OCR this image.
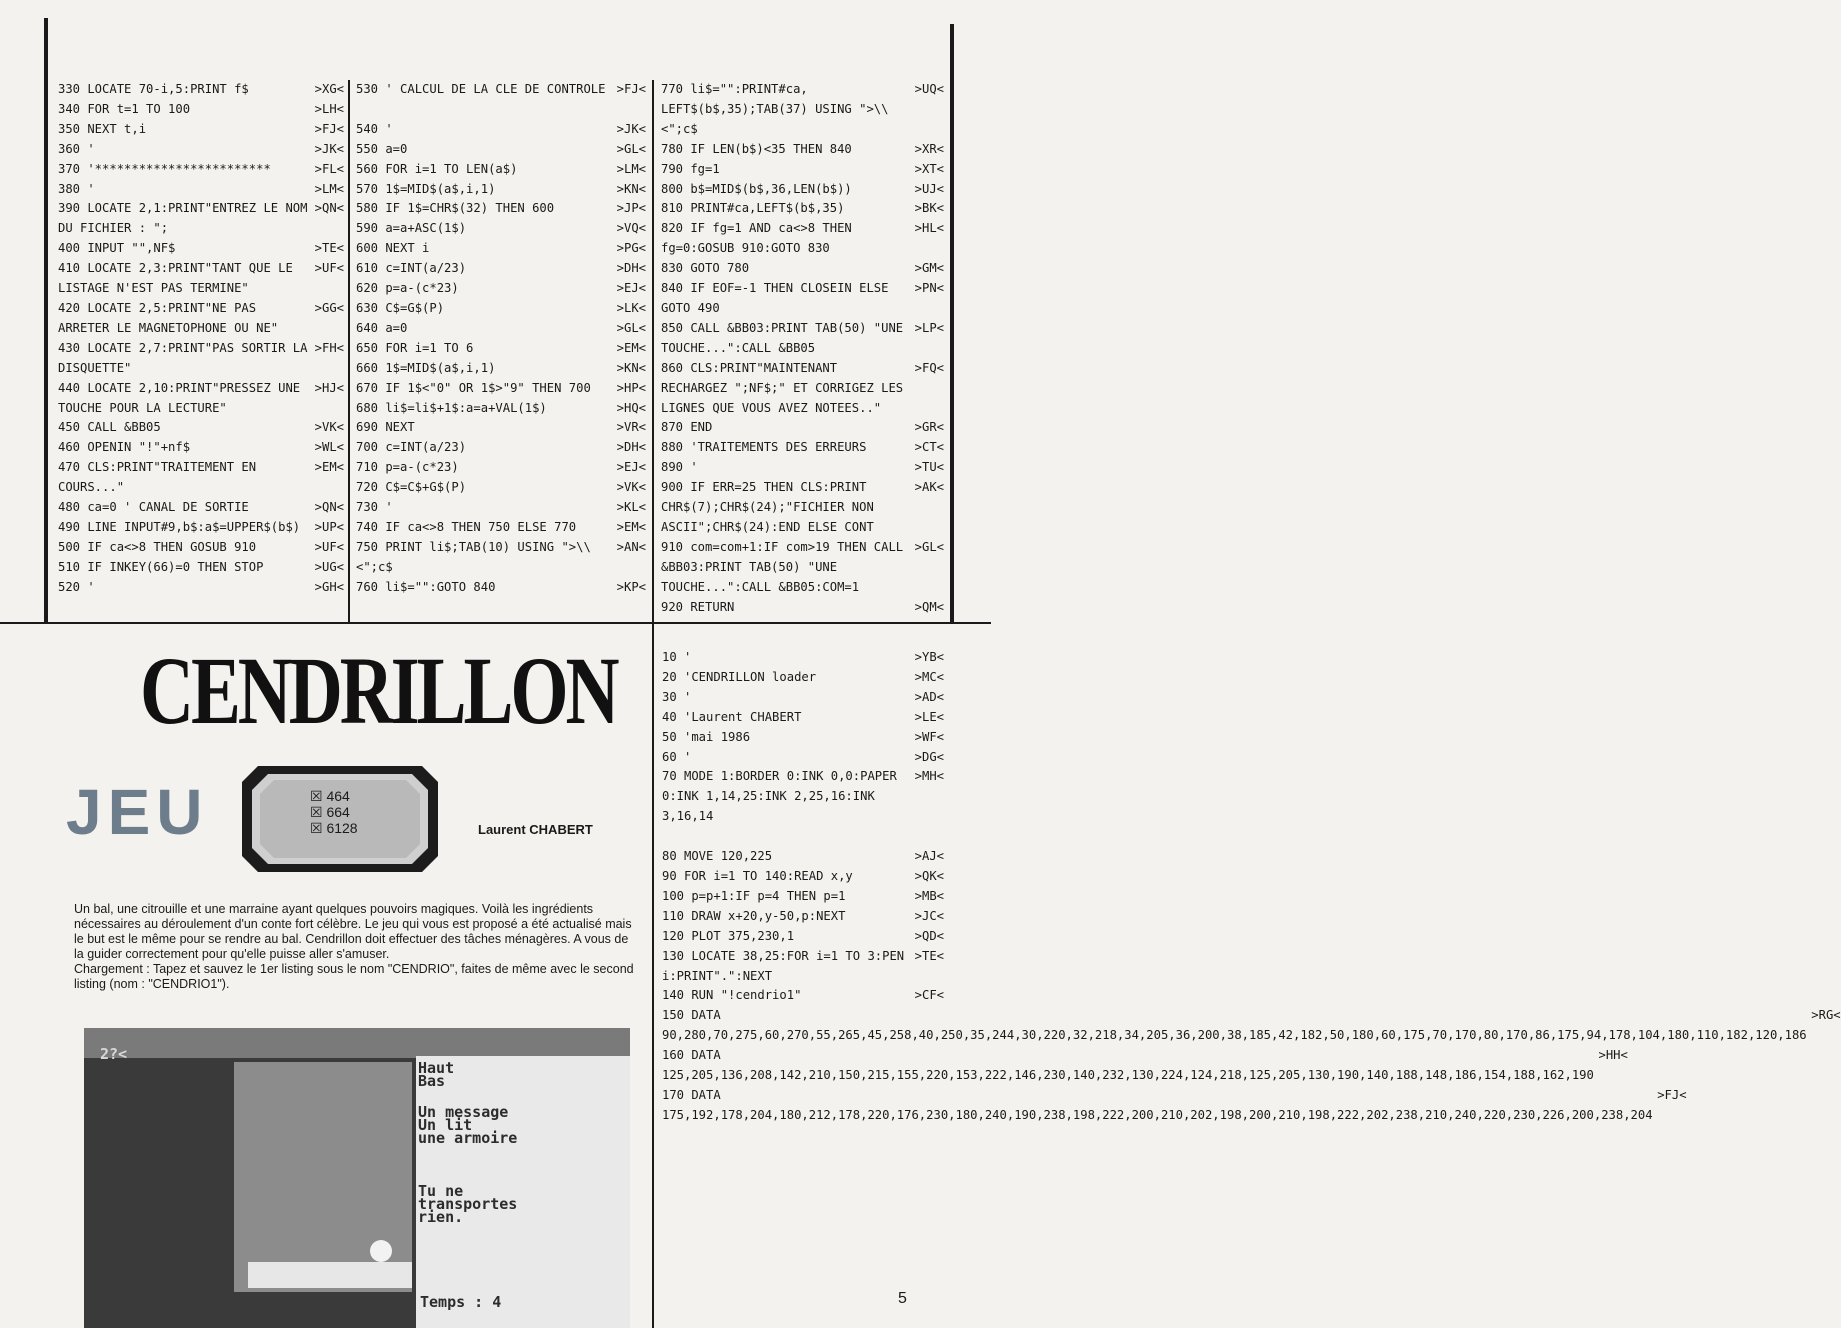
330 LOCATE 70-i,5:PRINT f$	>XG<
340 FOR t=1 TO 100	>LH<
350 NEXT t,i	>FJ<
360 '	>JK<
370 '************************	>FL<
380 '	>LM<
390 LOCATE 2,1:PRINT"ENTREZ LE NOM DU FICHIER : ";
>QN<
400 INPUT "",NF$	>TE<
410 LOCATE 2,3:PRINT"TANT QUE LE LISTAGE N'EST PAS TERMINE"
>UF<
420 LOCATE 2,5:PRINT"NE PAS ARRETER LE MAGNETOPHONE OU NE"
>GG<
430 LOCATE 2,7:PRINT"PAS SORTIR LA DISQUETTE"
>FH<
440 LOCATE 2,10:PRINT"PRESSEZ UNE TOUCHE POUR LA LECTURE"
>HJ<
450 CALL &BB05	>VK<
460 OPENIN "!"+nf$	>WL<
470 CLS:PRINT"TRAITEMENT EN COURS..."
>EM<
480 ca=0 ' CANAL DE SORTIE	>QN<
490 LINE INPUT#9,b$:a$=UPPER$(b$)	>UP<
500 IF ca<>8 THEN GOSUB 910	>UF<
510 IF INKEY(66)=0 THEN STOP	>UG<
520 '	>GH<
530 ' CALCUL DE LA CLE DE CONTROLE >FJ<

540 '	>JK<
550 a=0	>GL<
560 FOR i=1 TO LEN(a$)	>LM<
570 1$=MID$(a$,i,1)	>KN<
580 IF 1$=CHR$(32) THEN 600	>JP<
590 a=a+ASC(1$)	>VQ<
600 NEXT i	>PG<
610 c=INT(a/23)	>DH<
620 p=a-(c*23)	>EJ<
630 C$=G$(P)	>LK<
640 a=0	>GL<
650 FOR i=1 TO 6	>EM<
660 1$=MID$(a$,i,1)	>KN<
670 IF 1$<"0" OR 1$>"9" THEN 700	>HP<
680 li$=li$+1$:a=a+VAL(1$)	>HQ<
690 NEXT	>VR<
700 c=INT(a/23)	>DH<
710 p=a-(c*23)	>EJ<
720 C$=C$+G$(P)	>VK<
730 '	>KL<
740 IF ca<>8 THEN 750 ELSE 770	>EM<
750 PRINT li$;TAB(10) USING ">\\<";c$
>AN<
760 li$="":GOTO 840	>KP<
770 li$="":PRINT#ca, LEFT$(b$,35);TAB(37) USING ">\\<";c$
>UQ<
780 IF LEN(b$)<35 THEN 840	>XR<
790 fg=1	>XT<
800 b$=MID$(b$,36,LEN(b$))	>UJ<
810 PRINT#ca,LEFT$(b$,35)	>BK<
820 IF fg=1 AND ca<>8 THEN fg=0:GOSUB 910:GOTO 830
>HL<
830 GOTO 780	>GM<
840 IF EOF=-1 THEN CLOSEIN ELSE GOTO 490
>PN<
850 CALL &BB03:PRINT TAB(50) "UNE TOUCHE...":CALL &BB05
>LP<
860 CLS:PRINT"MAINTENANT RECHARGEZ ";NF$;" ET CORRIGEZ LES LIGNES QUE VOUS AVEZ NOTEES.."
>FQ<
870 END	>GR<
880 'TRAITEMENTS DES ERREURS	>CT<
890 '	>TU<
900 IF ERR=25 THEN CLS:PRINT CHR$(7);CHR$(24);"FICHIER NON ASCII";CHR$(24):END ELSE CONT
>AK<
910 com=com+1:IF com>19 THEN CALL &BB03:PRINT TAB(50) "UNE TOUCHE...":CALL &BB05:COM=1
>GL<
920 RETURN	>QM<
CENDRILLON
JEU	☒ 464
☒ 664
☒ 6128	Laurent CHABERT
Un bal, une citrouille et une marraine ayant quelques pouvoirs magiques. Voilà les ingrédients nécessaires au déroulement d'un conte fort célèbre. Le jeu qui vous est proposé a été actualisé mais le but est le même pour se rendre au bal. Cendrillon doit effectuer des tâches ménagères. A vous de la guider correctement pour qu'elle puisse aller s'amuser.
Chargement : Tapez et sauvez le 1er listing sous le nom "CENDRIO", faites de même avec le second listing (nom : "CENDRIO1").
2?<
Haut
Bas
Un message
Un lit
une armoire
Tu ne
transportes
rien.
Temps : 4
10 '	>YB<
20 'CENDRILLON loader	>MC<
30 '	>AD<
40 'Laurent CHABERT	>LE<
50 'mai 1986	>WF<
60 '	>DG<
70 MODE 1:BORDER 0:INK 0,0:PAPER 0:INK 1,14,25:INK 2,25,16:INK 3,16,14
>MH<

80 MOVE 120,225	>AJ<
90 FOR i=1 TO 140:READ x,y	>QK<
100 p=p+1:IF p=4 THEN p=1	>MB<
110 DRAW x+20,y-50,p:NEXT	>JC<
120 PLOT 375,230,1	>QD<
130 LOCATE 38,25:FOR i=1 TO 3:PEN i:PRINT".":NEXT
>TE<
140 RUN "!cendrio1"	>CF<
150 DATA 90,280,70,275,60,270,55,265,45,258,40,250,35,244,30,220,32,218,34,205,36,200,38,185,42,182,50,180,60,175,70,170,80,170,86,175,94,178,104,180,110,182,120,186
>RG<
160 DATA 125,205,136,208,142,210,150,215,155,220,153,222,146,230,140,232,130,224,124,218,125,205,130,190,140,188,148,186,154,188,162,190
>HH<
170 DATA 175,192,178,204,180,212,178,220,176,230,180,240,190,238,198,222,200,210,202,198,200,210,198,222,202,238,210,240,220,230,226,200,238,204
>FJ<
5
